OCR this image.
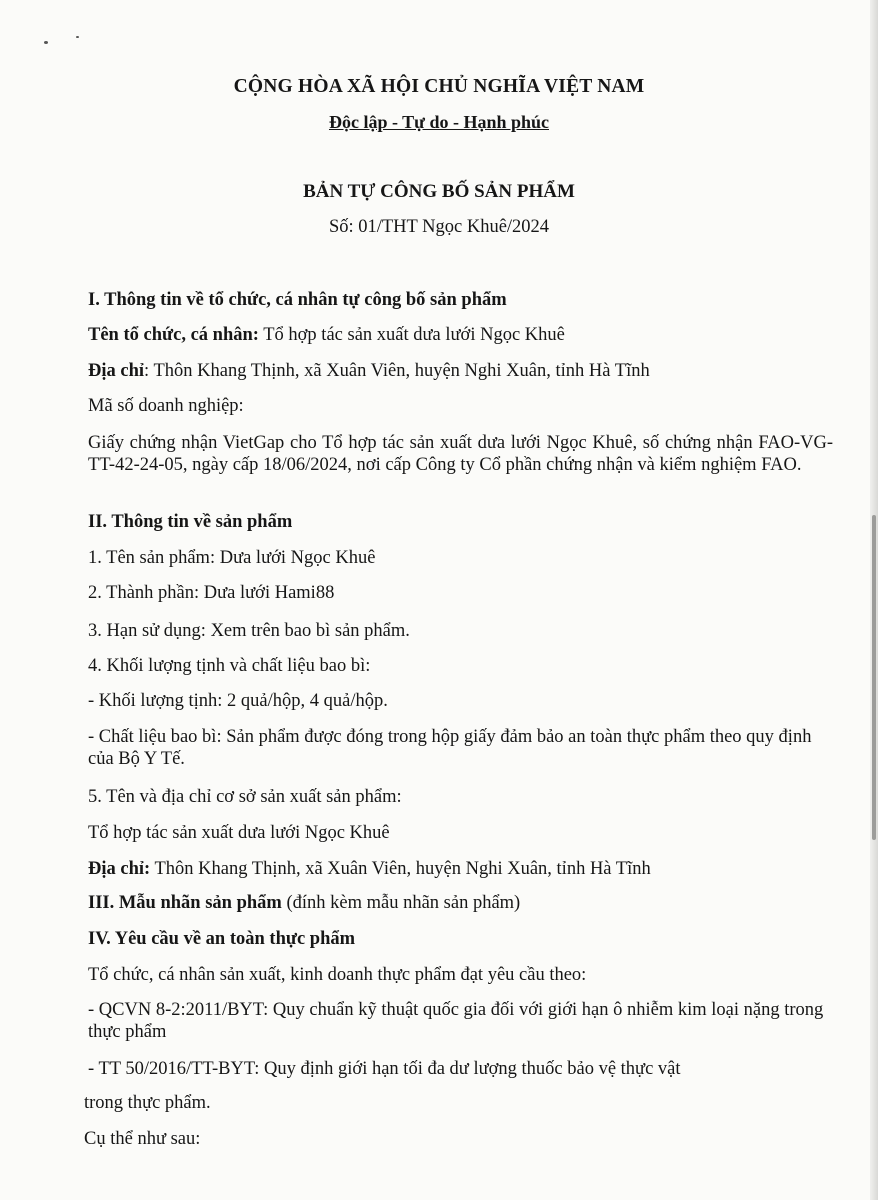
CỘNG HÒA XÃ HỘI CHỦ NGHĨA VIỆT NAM
Độc lập - Tự do - Hạnh phúc
BẢN TỰ CÔNG BỐ SẢN PHẨM
Số: 01/THT Ngọc Khuê/2024
I. Thông tin về tổ chức, cá nhân tự công bố sản phẩm
Tên tổ chức, cá nhân: Tổ hợp tác sản xuất dưa lưới Ngọc Khuê
Địa chỉ: Thôn Khang Thịnh, xã Xuân Viên, huyện Nghi Xuân, tỉnh Hà Tĩnh
Mã số doanh nghiệp:
Giấy chứng nhận VietGap cho Tổ hợp tác sản xuất dưa lưới Ngọc Khuê, số chứng nhận FAO-VG-TT-42-24-05, ngày cấp 18/06/2024, nơi cấp Công ty Cổ phần chứng nhận và kiểm nghiệm FAO.
II. Thông tin về sản phẩm
1. Tên sản phẩm: Dưa lưới Ngọc Khuê
2. Thành phần: Dưa lưới Hami88
3. Hạn sử dụng: Xem trên bao bì sản phẩm.
4. Khối lượng tịnh và chất liệu bao bì:
- Khối lượng tịnh: 2 quả/hộp, 4 quả/hộp.
- Chất liệu bao bì: Sản phẩm được đóng trong hộp giấy đảm bảo an toàn thực phẩm theo quy định của Bộ Y Tế.
5. Tên và địa chỉ cơ sở sản xuất sản phẩm:
Tổ hợp tác sản xuất dưa lưới Ngọc Khuê
Địa chỉ: Thôn Khang Thịnh, xã Xuân Viên, huyện Nghi Xuân, tỉnh Hà Tĩnh
III. Mẫu nhãn sản phẩm (đính kèm mẫu nhãn sản phẩm)
IV. Yêu cầu về an toàn thực phẩm
Tổ chức, cá nhân sản xuất, kinh doanh thực phẩm đạt yêu cầu theo:
- QCVN 8-2:2011/BYT: Quy chuẩn kỹ thuật quốc gia đối với giới hạn ô nhiễm kim loại nặng trong thực phẩm
- TT 50/2016/TT-BYT: Quy định giới hạn tối đa dư lượng thuốc bảo vệ thực vật
trong thực phẩm.
Cụ thể như sau:
